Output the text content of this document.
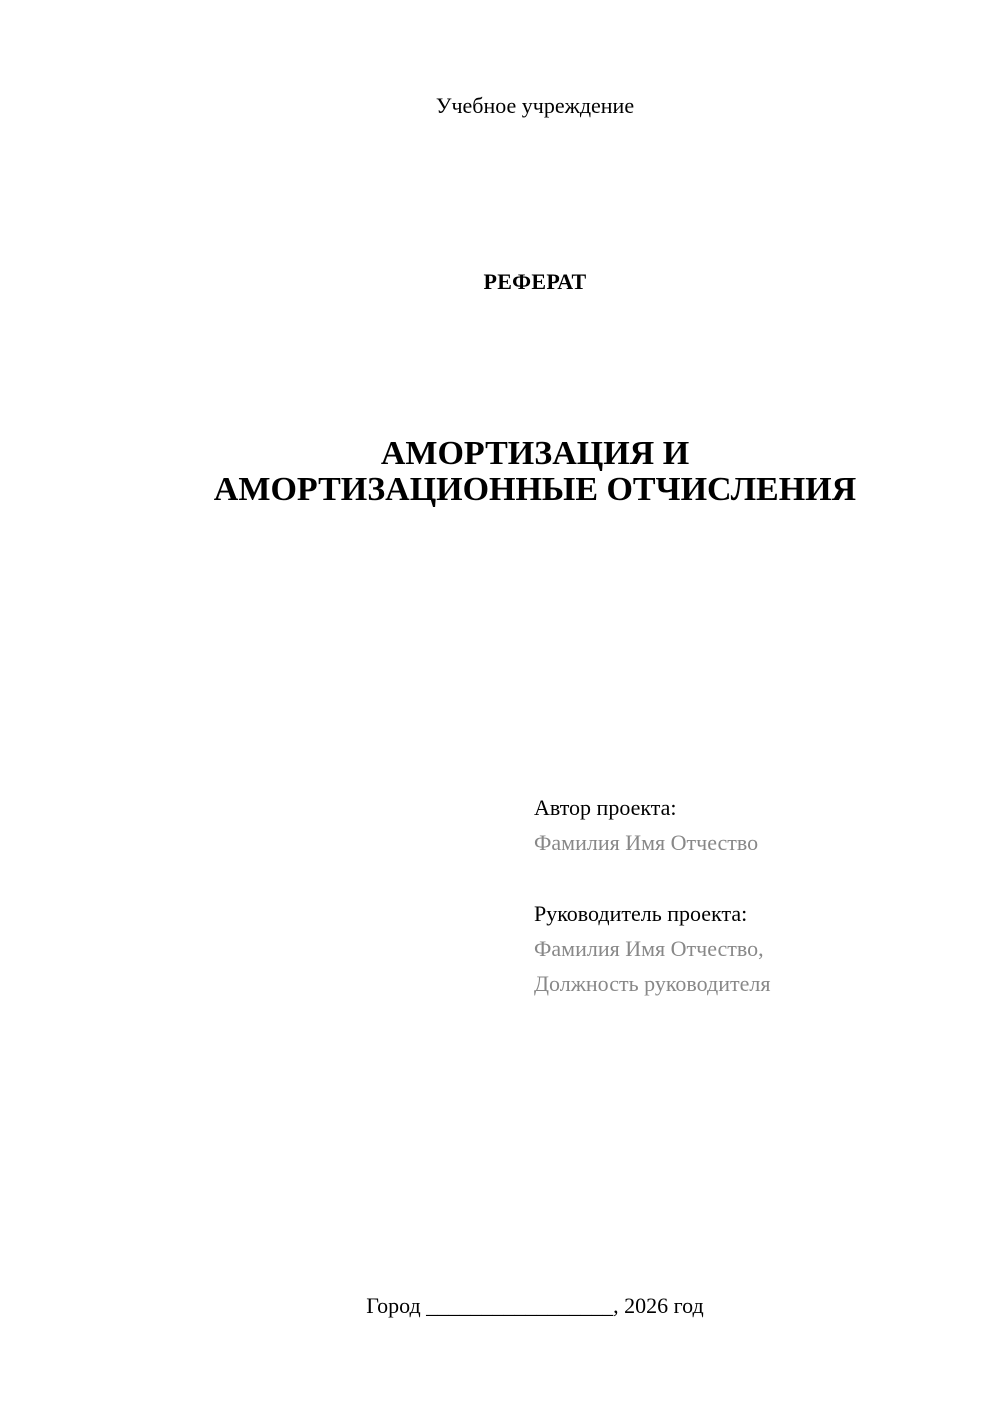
Учебное учреждение
РЕФЕРАТ
АМОРТИЗАЦИЯ И
АМОРТИЗАЦИОННЫЕ ОТЧИСЛЕНИЯ
Автор проекта:
Фамилия Имя Отчество
Руководитель проекта:
Фамилия Имя Отчество,
Должность руководителя
Город _________________, 2026 год
